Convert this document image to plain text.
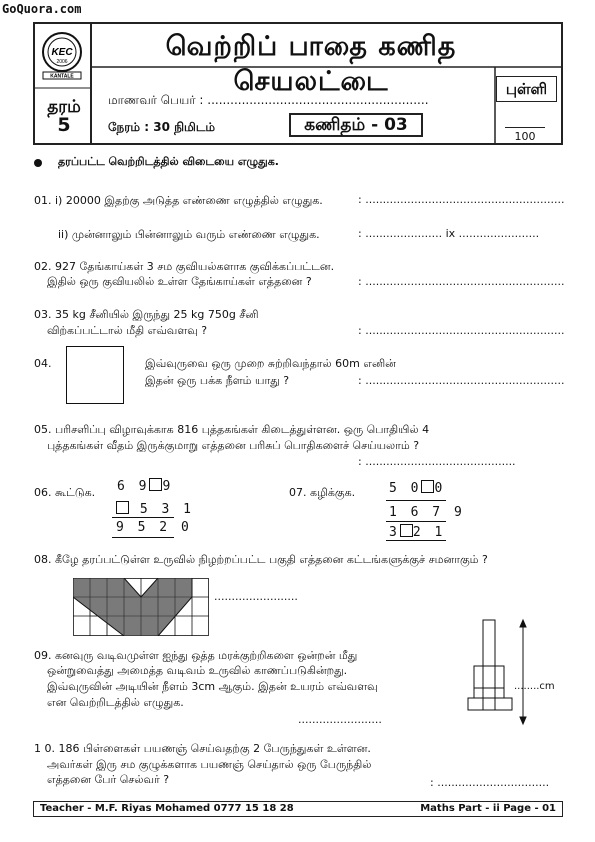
GoQuora.com
வெற்றிப் பாதை கணித செயலட்டை
KEC
2006
KANTALE
தரம்
5
மாணவர் பெயர் : ..........................................................
நேரம் : 30 நிமிடம்	கணிதம் - 03
புள்ளி
100
தரப்பட்ட வெற்றிடத்தில் விடையை எழுதுக.
01. i) 20000 இதற்கு அடுத்த எண்ணை எழுத்தில் எழுதுக.	: .........................................................
ii) முன்னாலும் பின்னாலும் வரும் எண்ணை எழுதுக.	: ...................... ix .......................
02. 927 தேங்காய்கள் 3 சம குவியல்களாக குவிக்கப்பட்டன.
இதில் ஒரு குவியலில் உள்ள தேங்காய்கள் எத்தனை ?	: .........................................................
03. 35 kg சீனியில் இருந்து 25 kg 750g சீனி
விற்கப்பட்டால் மீதி எவ்வளவு ?	: .........................................................
04.	இவ்வுருவை ஒரு முறை சுற்றிவந்தால் 60m எனின்
இதன் ஒரு பக்க நீளம் யாது ?	: .........................................................
05. பரிசளிப்பு விழாவுக்காக 816 புத்தகங்கள் கிடைத்துள்ளன. ஒரு பொதியில் 4
புத்தகங்கள் வீதம் இருக்குமாறு எத்தனை பரிசுப் பொதிகளைச் செய்யலாம் ?
: ...........................................
06. கூட்டுக. 6 9 9
5 3 1
9 5 2 0
07. கழிக்குக.	5 0 0
1 6 7 9
3 2 1
08. கீழே தரப்பட்டுள்ள உருவில் நிழற்றப்பட்ட பகுதி எத்தனை கட்டங்களுக்குச் சமனாகும் ?
........................
09. கனவுரு வடிவமுள்ள ஐந்து ஒத்த மரக்குற்றிகளை ஒன்றன் மீது
ஒன்றுவைத்து அமைத்த வடிவம் உருவில் காணப்படுகின்றது.
இவ்வுருவின் அடியின் நீளம் 3cm ஆகும். இதன் உயரம் எவ்வளவு
என வெற்றிடத்தில் எழுதுக.
........................
........cm
1 0. 186 பிள்ளைகள் பயணஞ் செய்வதற்கு 2 பேருந்துகள் உள்ளன.
அவர்கள் இரு சம குழுக்களாக பயணஞ் செய்தால் ஒரு பேருந்தில்
எத்தனை பேர் செல்வர் ?	: ................................
Teacher - M.F. Riyas Mohamed 0777 15 18 28	Maths Part - ii Page - 01
